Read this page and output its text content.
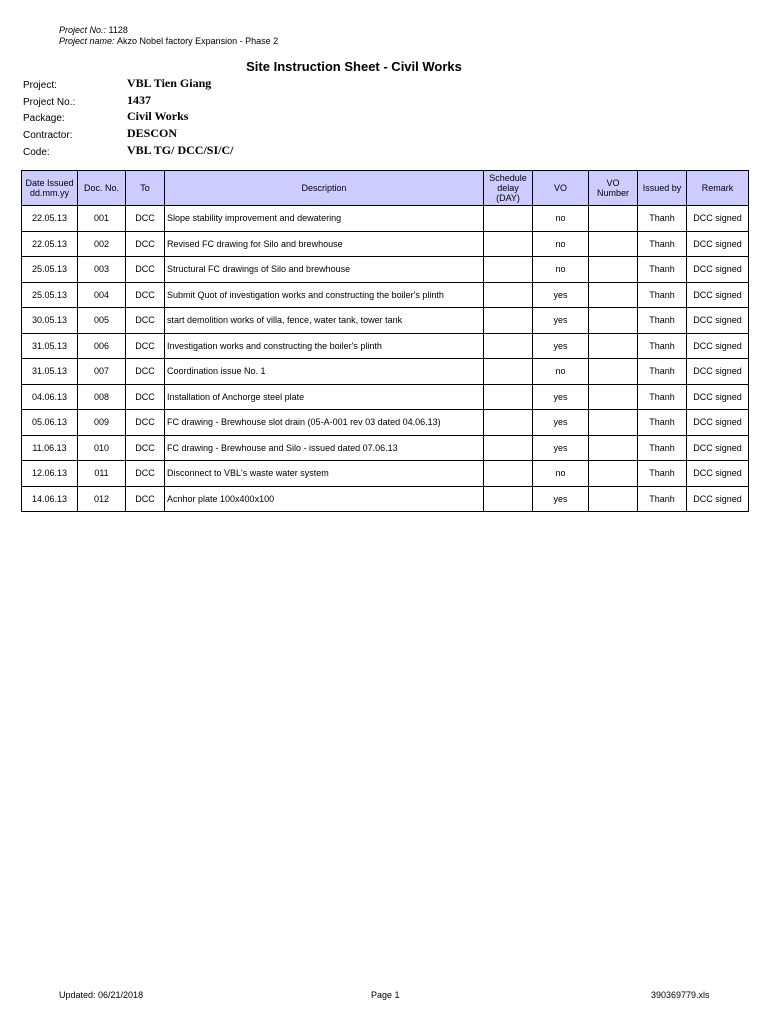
Project No.: 1128
Project name: Akzo Nobel factory Expansion - Phase 2
Site Instruction Sheet - Civil Works
Project:	VBL Tien Giang
Project No.:	1437
Package:	Civil Works
Contractor:	DESCON
Code:	VBL TG/ DCC/SI/C/
Date Issued dd.mm.yy	Doc. No.	To	Description	Schedule delay (DAY)	VO	VO Number	Issued by	Remark
22.05.13	001	DCC	Slope stability improvement and dewatering		no		Thanh	DCC signed
22.05.13	002	DCC	Revised FC drawing for Silo and brewhouse		no		Thanh	DCC signed
25.05.13	003	DCC	Structural FC drawings of Silo and brewhouse		no		Thanh	DCC signed
25.05.13	004	DCC	Submit Quot of investigation works and constructing the boiler's plinth		yes		Thanh	DCC signed
30.05.13	005	DCC	start demolition works of villa, fence, water tank, tower tank		yes		Thanh	DCC signed
31.05.13	006	DCC	Investigation works and constructing the boiler's plinth		yes		Thanh	DCC signed
31.05.13	007	DCC	Coordination issue No. 1		no		Thanh	DCC signed
04.06.13	008	DCC	Installation of Anchorge steel plate		yes		Thanh	DCC signed
05.06.13	009	DCC	FC drawing - Brewhouse slot drain (05-A-001 rev 03 dated 04.06.13)		yes		Thanh	DCC signed
11.06.13	010	DCC	FC drawing - Brewhouse and Silo - issued dated 07.06.13		yes		Thanh	DCC signed
12.06.13	011	DCC	Disconnect to VBL's waste water system		no		Thanh	DCC signed
14.06.13	012	DCC	Acnhor plate 100x400x100		yes		Thanh	DCC signed
Updated: 06/21/2018	Page 1	390369779.xls
